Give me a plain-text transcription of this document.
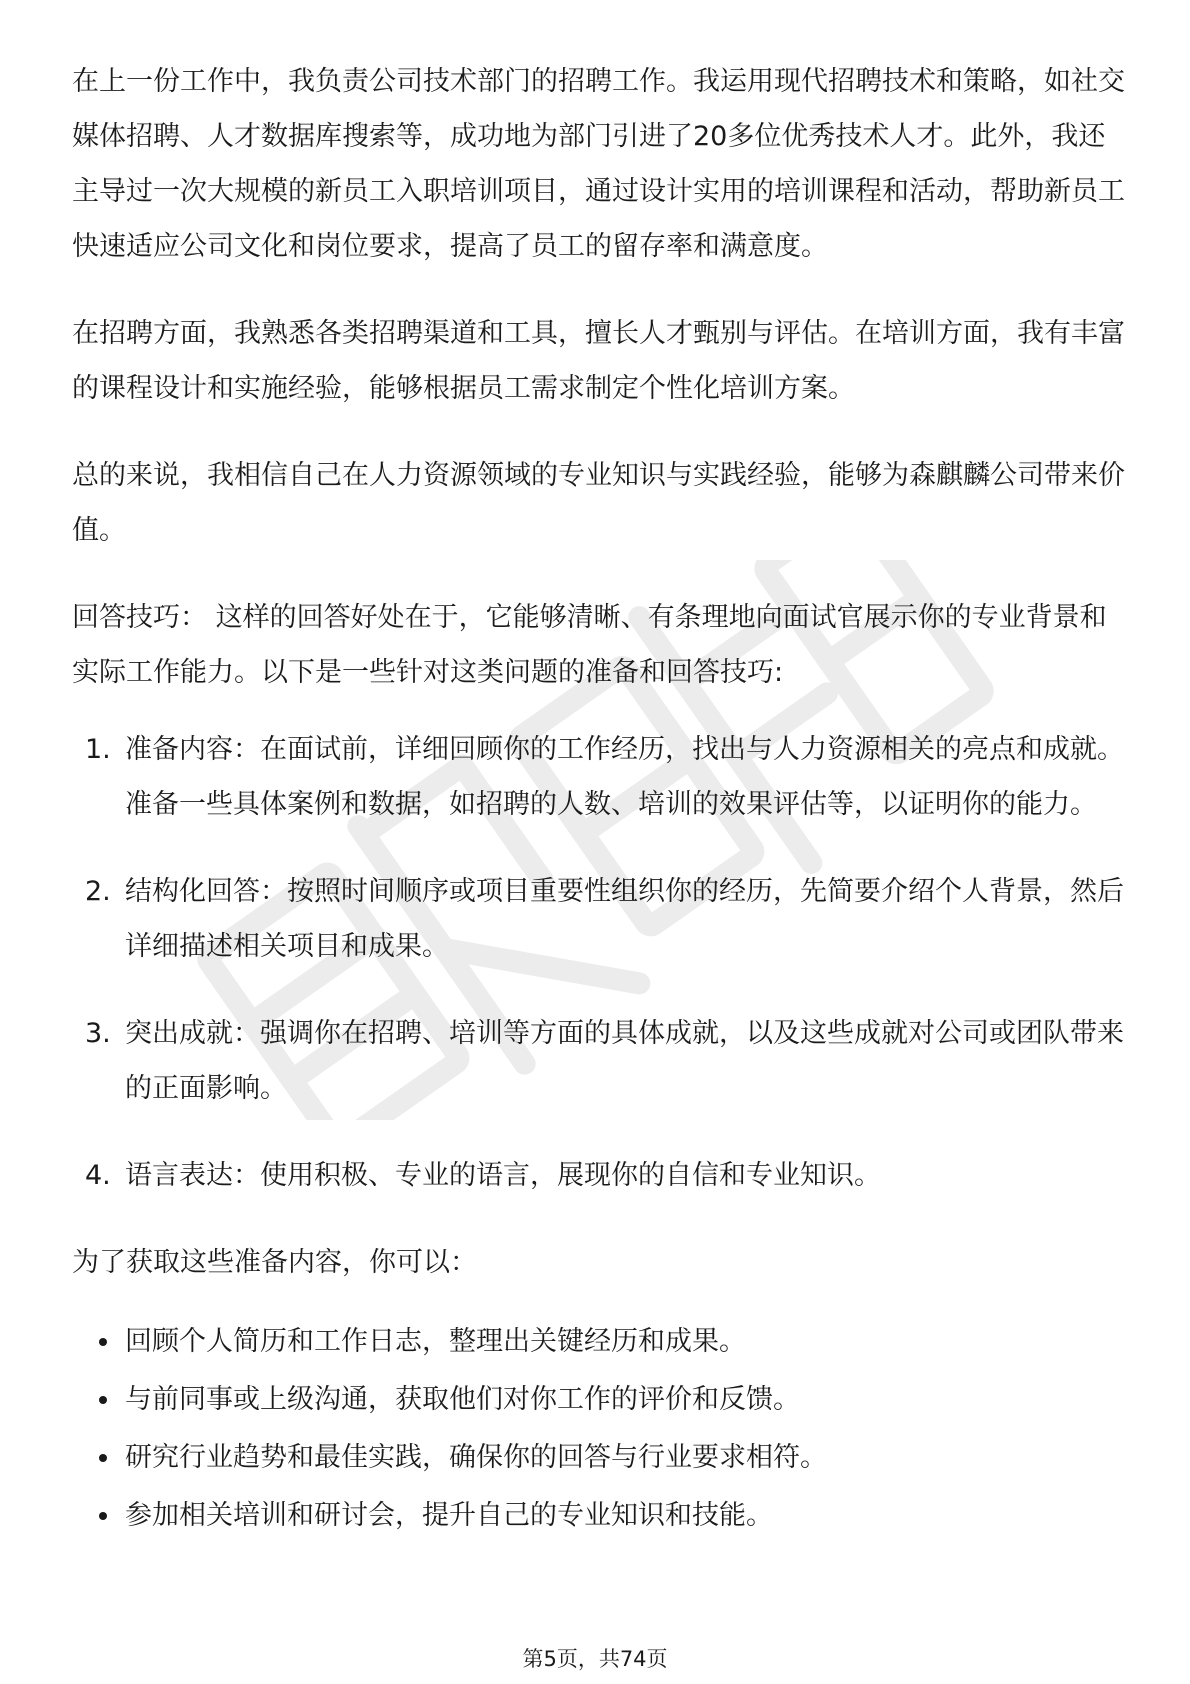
在上一份工作中，我负责公司技术部门的招聘工作。我运用现代招聘技术和策略，如社交媒体招聘、人才数据库搜索等，成功地为部门引进了20多位优秀技术人才。此外，我还主导过一次大规模的新员工入职培训项目，通过设计实用的培训课程和活动，帮助新员工快速适应公司文化和岗位要求，提高了员工的留存率和满意度。

在招聘方面，我熟悉各类招聘渠道和工具，擅长人才甄别与评估。在培训方面，我有丰富的课程设计和实施经验，能够根据员工需求制定个性化培训方案。

总的来说，我相信自己在人力资源领域的专业知识与实践经验，能够为森麒麟公司带来价值。

回答技巧： 这样的回答好处在于，它能够清晰、有条理地向面试官展示你的专业背景和实际工作能力。以下是一些针对这类问题的准备和回答技巧:

1. 准备内容：在面试前，详细回顾你的工作经历，找出与人力资源相关的亮点和成就。准备一些具体案例和数据，如招聘的人数、培训的效果评估等，以证明你的能力。
2. 结构化回答：按照时间顺序或项目重要性组织你的经历，先简要介绍个人背景，然后详细描述相关项目和成果。
3. 突出成就：强调你在招聘、培训等方面的具体成就，以及这些成就对公司或团队带来的正面影响。
4. 语言表达：使用积极、专业的语言，展现你的自信和专业知识。

为了获取这些准备内容，你可以：

回顾个人简历和工作日志，整理出关键经历和成果。
与前同事或上级沟通，获取他们对你工作的评价和反馈。
研究行业趋势和最佳实践，确保你的回答与行业要求相符。
参加相关培训和研讨会，提升自己的专业知识和技能。
第5页，共74页
